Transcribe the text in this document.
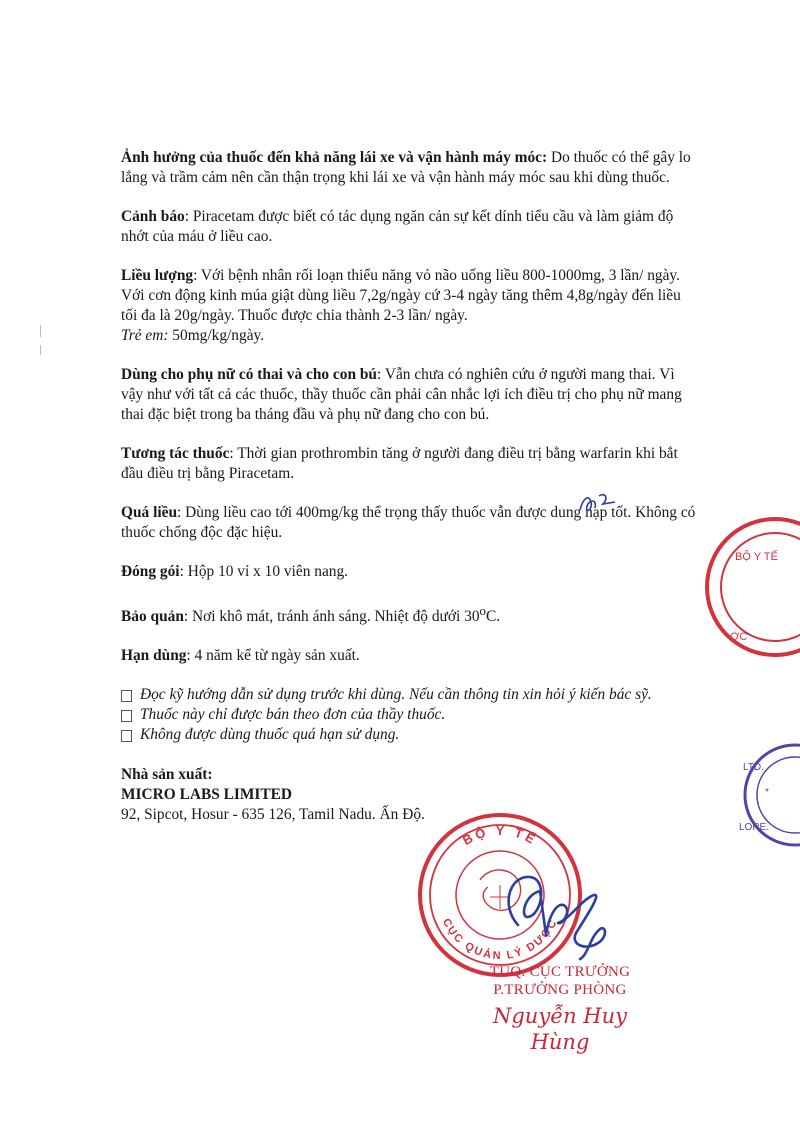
Ảnh hưởng của thuốc đến khả năng lái xe và vận hành máy móc: Do thuốc có thể gây lo lắng và trầm cảm nên cần thận trọng khi lái xe và vận hành máy móc sau khi dùng thuốc.

Cảnh báo: Piracetam được biết có tác dụng ngăn cản sự kết dính tiểu cầu và làm giảm độ nhớt của máu ở liều cao.

Liều lượng: Với bệnh nhân rối loạn thiểu năng vỏ não uống liều 800-1000mg, 3 lần/ ngày. Với cơn động kinh múa giật dùng liều 7,2g/ngày cứ 3-4 ngày tăng thêm 4,8g/ngày đến liều tối đa là 20g/ngày. Thuốc được chia thành 2-3 lần/ ngày.
Trẻ em: 50mg/kg/ngày.

Dùng cho phụ nữ có thai và cho con bú: Vẫn chưa có nghiên cứu ở người mang thai. Vì vậy như với tất cả các thuốc, thầy thuốc cần phải cân nhắc lợi ích điều trị cho phụ nữ mang thai đặc biệt trong ba tháng đầu và phụ nữ đang cho con bú.

Tương tác thuốc: Thời gian prothrombin tăng ở người đang điều trị bằng warfarin khi bắt đầu điều trị bằng Piracetam.

Quá liều: Dùng liều cao tới 400mg/kg thể trọng thấy thuốc vẫn được dung nạp tốt. Không có thuốc chống độc đặc hiệu.

Đóng gói: Hộp 10 vỉ x 10 viên nang.

Bảo quản: Nơi khô mát, tránh ánh sáng. Nhiệt độ dưới 30$^o$C.

Hạn dùng: 4 năm kể từ ngày sản xuất.

Đọc kỹ hướng dẫn sử dụng trước khi dùng. Nếu cần thông tin xin hỏi ý kiến bác sỹ.
Thuốc này chỉ được bán theo đơn của thầy thuốc.
Không được dùng thuốc quá hạn sử dụng.
Nhà sản xuất:
MICRO LABS LIMITED
92, Sipcot, Hosur - 635 126, Tamil Nadu. Ấn Độ.
BỘ Y TẾ
ỢC
LTD.
*
LORE.
BỘ Y TẾ
CỤC QUẢN LÝ DƯỢC
TUQ. CỤC TRƯỞNG
P.TRƯỞNG PHÒNG
Nguyễn Huy Hùng
